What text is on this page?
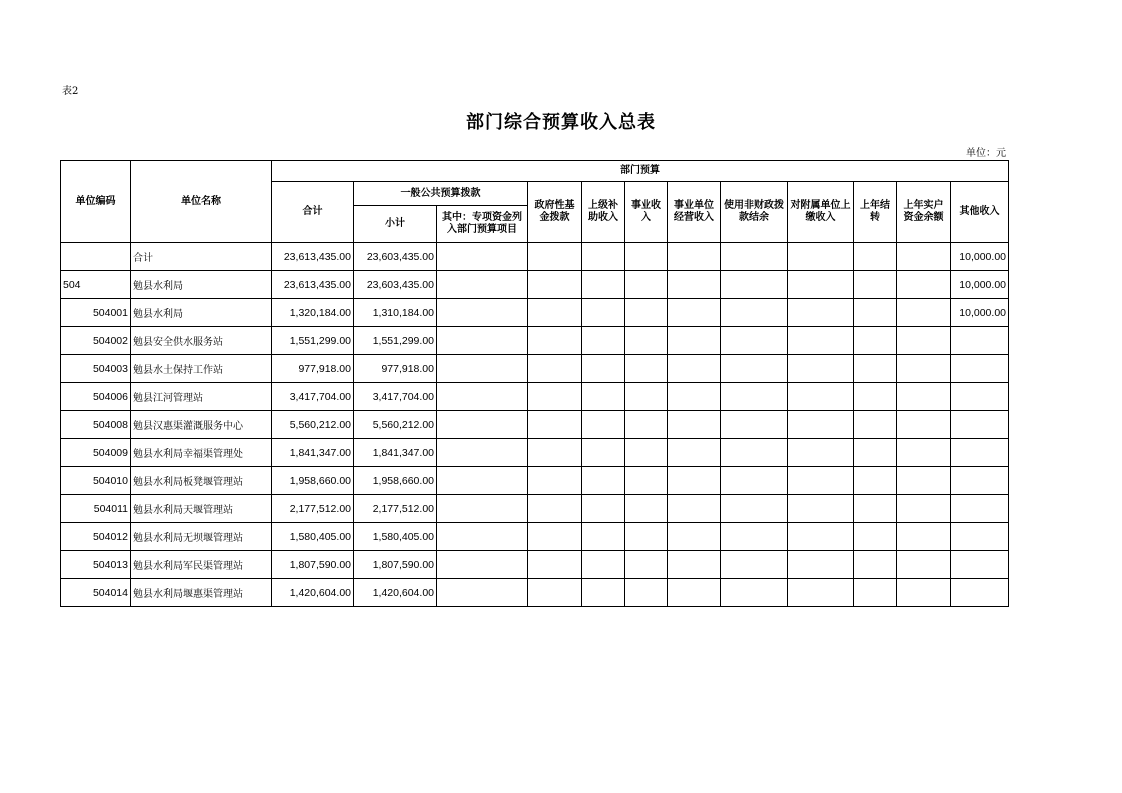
表2
部门综合预算收入总表
单位：元
单位编码	单位名称	部门预算											
		合计	一般公共预算拨款		政府性基金拨款	上级补助收入	事业收入	事业单位经营收入	使用非财政拨款结余	对附属单位上缴收入	上年结转	上年实户资金余额	其他收入
			小计	其中：专项资金列入部门预算项目									
	合计	23,613,435.00	23,603,435.00										10,000.00
504	勉县水利局	23,613,435.00	23,603,435.00										10,000.00
504001	勉县水利局	1,320,184.00	1,310,184.00										10,000.00
504002	勉县安全供水服务站	1,551,299.00	1,551,299.00										
504003	勉县水土保持工作站	977,918.00	977,918.00										
504006	勉县江河管理站	3,417,704.00	3,417,704.00										
504008	勉县汉惠渠灌溉服务中心	5,560,212.00	5,560,212.00										
504009	勉县水利局幸福渠管理处	1,841,347.00	1,841,347.00										
504010	勉县水利局板凳堰管理站	1,958,660.00	1,958,660.00										
504011	勉县水利局天堰管理站	2,177,512.00	2,177,512.00										
504012	勉县水利局无坝堰管理站	1,580,405.00	1,580,405.00										
504013	勉县水利局军民渠管理站	1,807,590.00	1,807,590.00										
504014	勉县水利局堰惠渠管理站	1,420,604.00	1,420,604.00										
